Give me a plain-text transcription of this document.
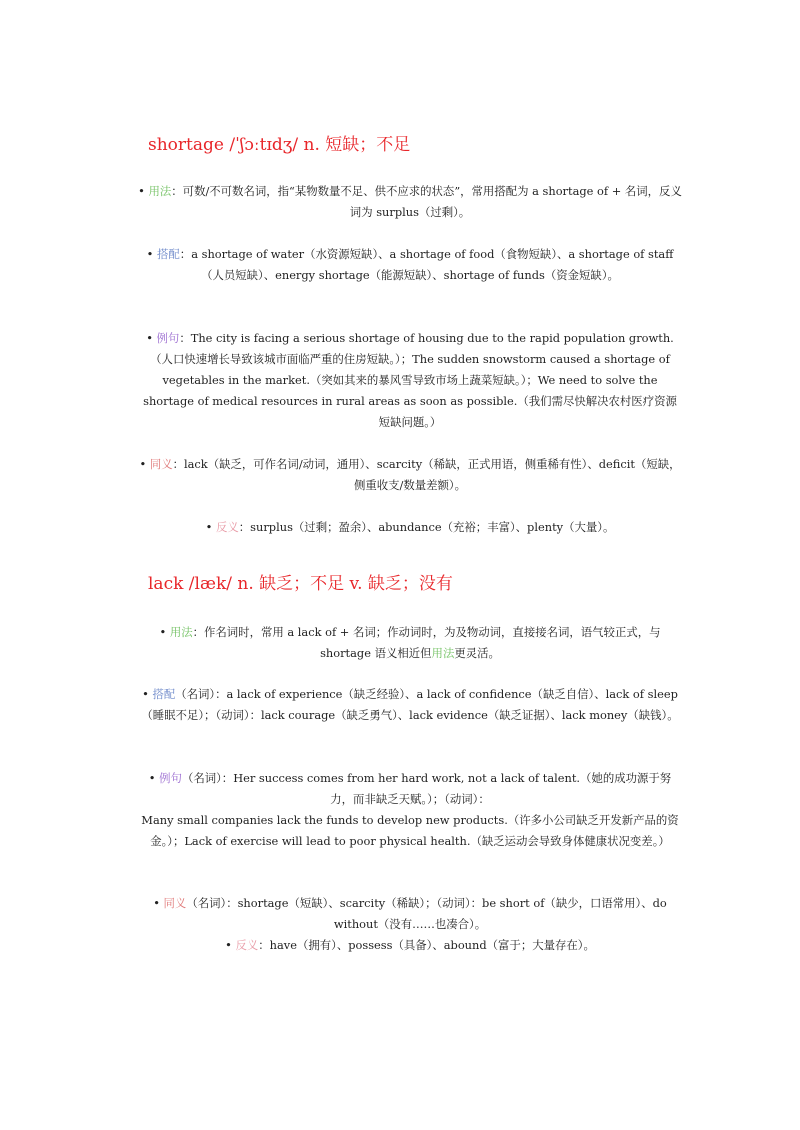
shortage /ˈʃɔːtɪdʒ/ n. 短缺；不足

• 用法：可数/不可数名词，指“某物数量不足、供不应求的状态”，常用搭配为 a shortage of + 名词，反义词为 surplus（过剩）。

• 搭配：a shortage of water（水资源短缺）、a shortage of food（食物短缺）、a shortage of staff（人员短缺）、energy shortage（能源短缺）、shortage of funds（资金短缺）。

• 例句：The city is facing a serious shortage of housing due to the rapid population growth.（人口快速增长导致该城市面临严重的住房短缺。）；The sudden snowstorm caused a shortage of vegetables in the market.（突如其来的暴风雪导致市场上蔬菜短缺。）；We need to solve the shortage of medical resources in rural areas as soon as possible.（我们需尽快解决农村医疗资源短缺问题。）

• 同义：lack（缺乏，可作名词/动词，通用）、scarcity（稀缺，正式用语，侧重稀有性）、deficit（短缺，侧重收支/数量差额）。

• 反义：surplus（过剩；盈余）、abundance（充裕；丰富）、plenty（大量）。

lack /læk/ n. 缺乏；不足 v. 缺乏；没有

• 用法：作名词时，常用 a lack of + 名词；作动词时，为及物动词，直接接名词，语气较正式，与 shortage 语义相近但用法更灵活。

• 搭配（名词）：a lack of experience（缺乏经验）、a lack of confidence（缺乏自信）、lack of sleep（睡眠不足）；（动词）：lack courage（缺乏勇气）、lack evidence（缺乏证据）、lack money（缺钱）。

• 例句（名词）：Her success comes from her hard work, not a lack of talent.（她的成功源于努力，而非缺乏天赋。）；（动词）：
Many small companies lack the funds to develop new products.（许多小公司缺乏开发新产品的资金。）；Lack of exercise will lead to poor physical health.（缺乏运动会导致身体健康状况变差。）

• 同义（名词）：shortage（短缺）、scarcity（稀缺）；（动词）：be short of（缺少，口语常用）、do without（没有……也凑合）。

• 反义：have（拥有）、possess（具备）、abound（富于；大量存在）。
